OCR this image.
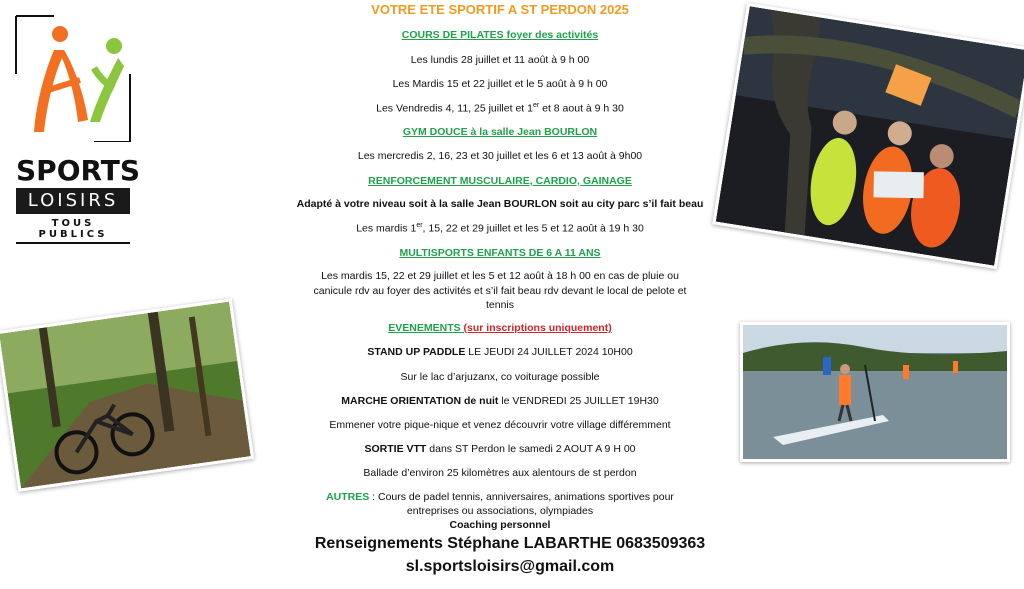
SPORTS
LOISIRS
TOUS PUBLICS
VOTRE ETE SPORTIF A ST PERDON 2025
COURS DE PILATES foyer des activités
Les lundis 28 juillet et 11 août à 9 h 00
Les Mardis 15 et 22 juillet et le 5 août à 9 h 00
Les Vendredis 4, 11, 25 juillet et 1er et 8 aout à 9 h 30
GYM DOUCE à la salle Jean BOURLON
Les mercredis 2, 16, 23 et 30 juillet et les 6 et 13 août à 9h00
RENFORCEMENT MUSCULAIRE, CARDIO, GAINAGE
Adapté à votre niveau soit à la salle Jean BOURLON soit au city parc s’il fait beau
Les mardis 1er, 15, 22 et 29 juillet et les 5 et 12 août à 19 h 30
MULTISPORTS ENFANTS DE 6 A 11 ANS
Les mardis 15, 22 et 29 juillet et les 5 et 12 août à 18 h 00 en cas de pluie ou
canicule rdv au foyer des activités et s’il fait beau rdv devant le local de pelote et
tennis
EVENEMENTS (sur inscriptions uniquement)
STAND UP PADDLE LE JEUDI 24 JUILLET 2024 10H00
Sur le lac d’arjuzanx, co voiturage possible
MARCHE ORIENTATION de nuit le VENDREDI 25 JUILLET 19H30
Emmener votre pique-nique et venez découvrir votre village différemment
SORTIE VTT dans ST Perdon le samedi 2 AOUT A 9 H 00
Ballade d’environ 25 kilomètres aux alentours de st perdon
AUTRES : Cours de padel tennis, anniversaires, animations sportives pour
entreprises ou associations, olympiades
Coaching personnel
Renseignements Stéphane LABARTHE 0683509363
sl.sportsloisirs@gmail.com
